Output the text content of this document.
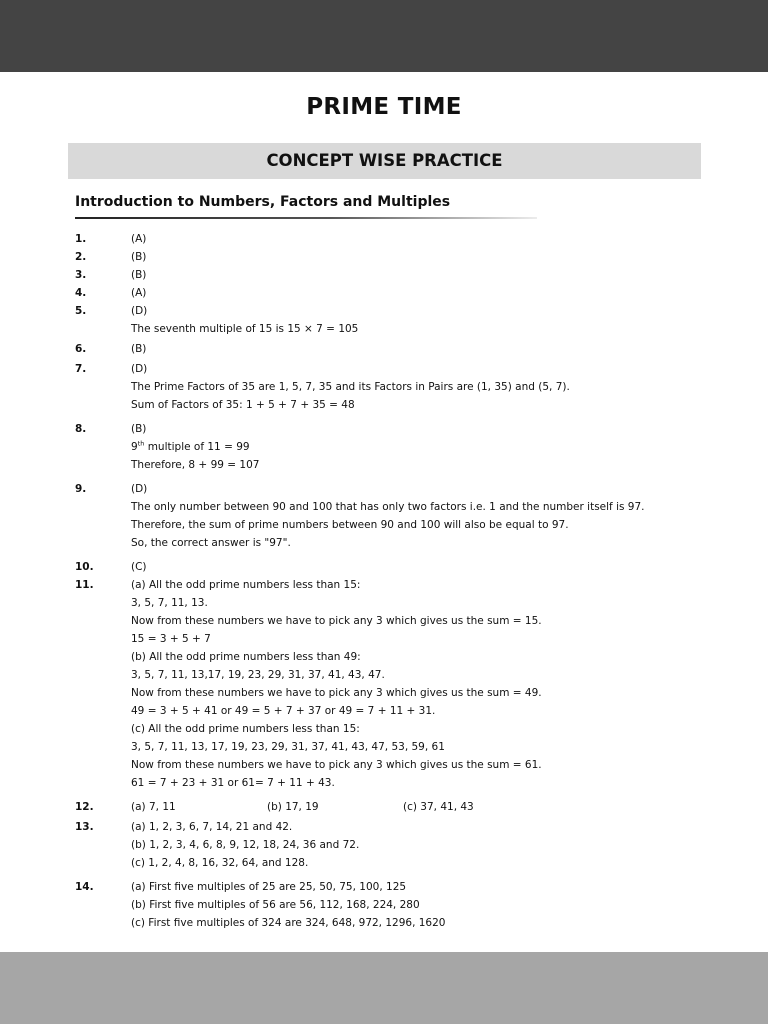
PRIME TIME
CONCEPT WISE PRACTICE
Introduction to Numbers, Factors and Multiples
1.	(A)
2.	(B)
3.	(B)
4.	(A)
5.	(D)
The seventh multiple of 15 is 15 × 7 = 105
6.	(B)
7.	(D)
The Prime Factors of 35 are 1, 5, 7, 35 and its Factors in Pairs are (1, 35) and (5, 7).
Sum of Factors of 35: 1 + 5 + 7 + 35 = 48
8.	(B)
9th multiple of 11 = 99
Therefore, 8 + 99 = 107
9.	(D)
The only number between 90 and 100 that has only two factors i.e. 1 and the number itself is 97.
Therefore, the sum of prime numbers between 90 and 100 will also be equal to 97.
So, the correct answer is "97".
10.	(C)
11.	(a) All the odd prime numbers less than 15:
3, 5, 7, 11, 13.
Now from these numbers we have to pick any 3 which gives us the sum = 15.
15 = 3 + 5 + 7
(b) All the odd prime numbers less than 49:
3, 5, 7, 11, 13,17, 19, 23, 29, 31, 37, 41, 43, 47.
Now from these numbers we have to pick any 3 which gives us the sum = 49.
49 = 3 + 5 + 41 or 49 = 5 + 7 + 37 or 49 = 7 + 11 + 31.
(c) All the odd prime numbers less than 15:
3, 5, 7, 11, 13, 17, 19, 23, 29, 31, 37, 41, 43, 47, 53, 59, 61
Now from these numbers we have to pick any 3 which gives us the sum = 61.
61 = 7 + 23 + 31 or 61= 7 + 11 + 43.
12.	(a) 7, 11	(b) 17, 19	(c) 37, 41, 43
13.	(a) 1, 2, 3, 6, 7, 14, 21 and 42.
(b) 1, 2, 3, 4, 6, 8, 9, 12, 18, 24, 36 and 72.
(c) 1, 2, 4, 8, 16, 32, 64, and 128.
14.	(a) First five multiples of 25 are 25, 50, 75, 100, 125
(b) First five multiples of 56 are 56, 112, 168, 224, 280
(c) First five multiples of 324 are 324, 648, 972, 1296, 1620
